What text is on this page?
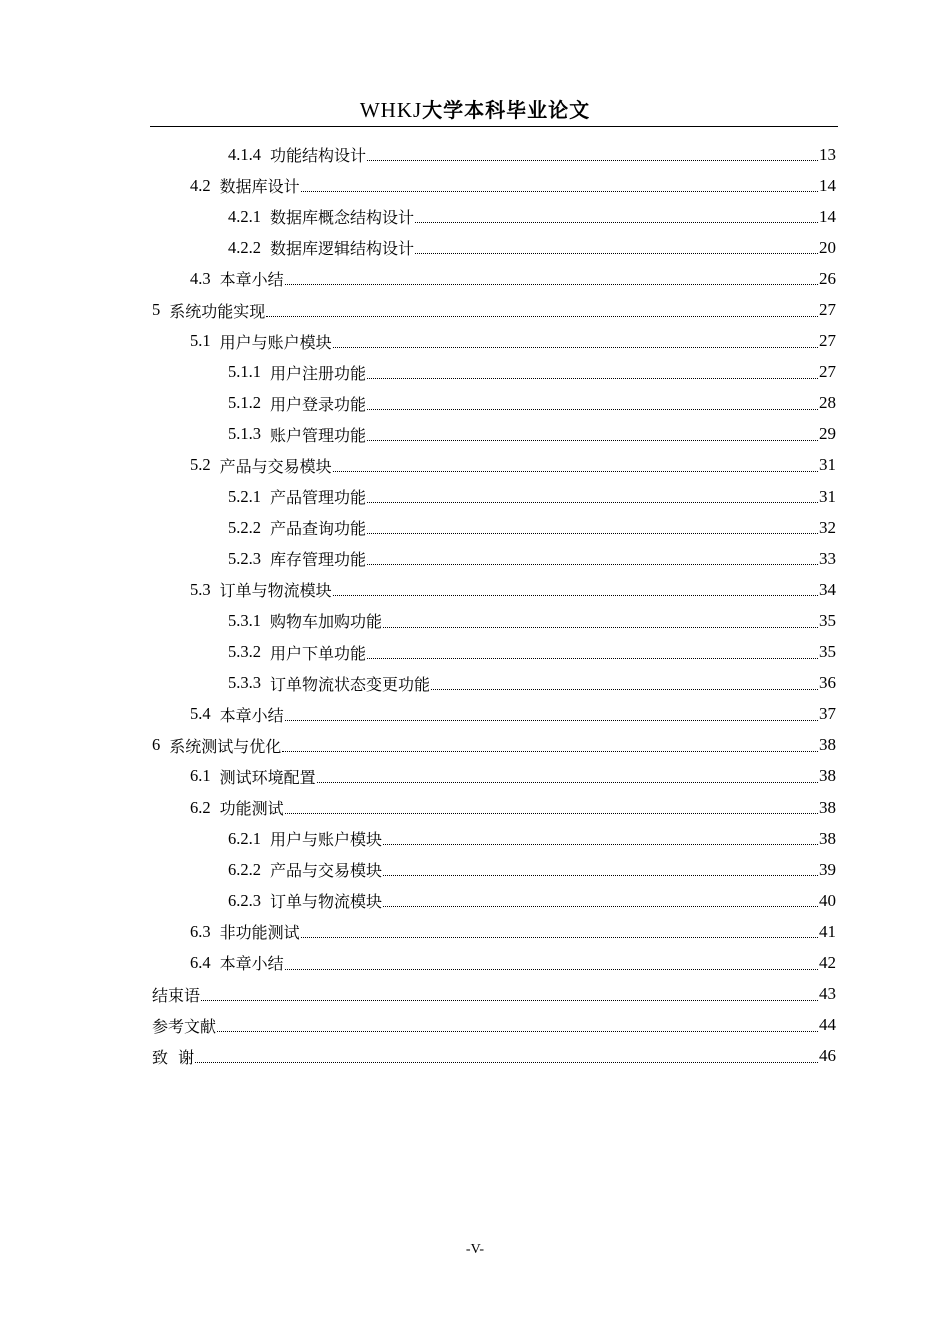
WHKJ大学本科毕业论文
4.1.4 功能结构设计	13
4.2 数据库设计	14
4.2.1 数据库概念结构设计	14
4.2.2 数据库逻辑结构设计	20
4.3 本章小结	26
5 系统功能实现	27
5.1 用户与账户模块	27
5.1.1 用户注册功能	27
5.1.2 用户登录功能	28
5.1.3 账户管理功能	29
5.2 产品与交易模块	31
5.2.1 产品管理功能	31
5.2.2 产品查询功能	32
5.2.3 库存管理功能	33
5.3 订单与物流模块	34
5.3.1 购物车加购功能	35
5.3.2 用户下单功能	35
5.3.3 订单物流状态变更功能	36
5.4 本章小结	37
6 系统测试与优化	38
6.1 测试环境配置	38
6.2 功能测试	38
6.2.1 用户与账户模块	38
6.2.2 产品与交易模块	39
6.2.3 订单与物流模块	40
6.3 非功能测试	41
6.4 本章小结	42
结束语	43
参考文献	44
致  谢	46
-V-
